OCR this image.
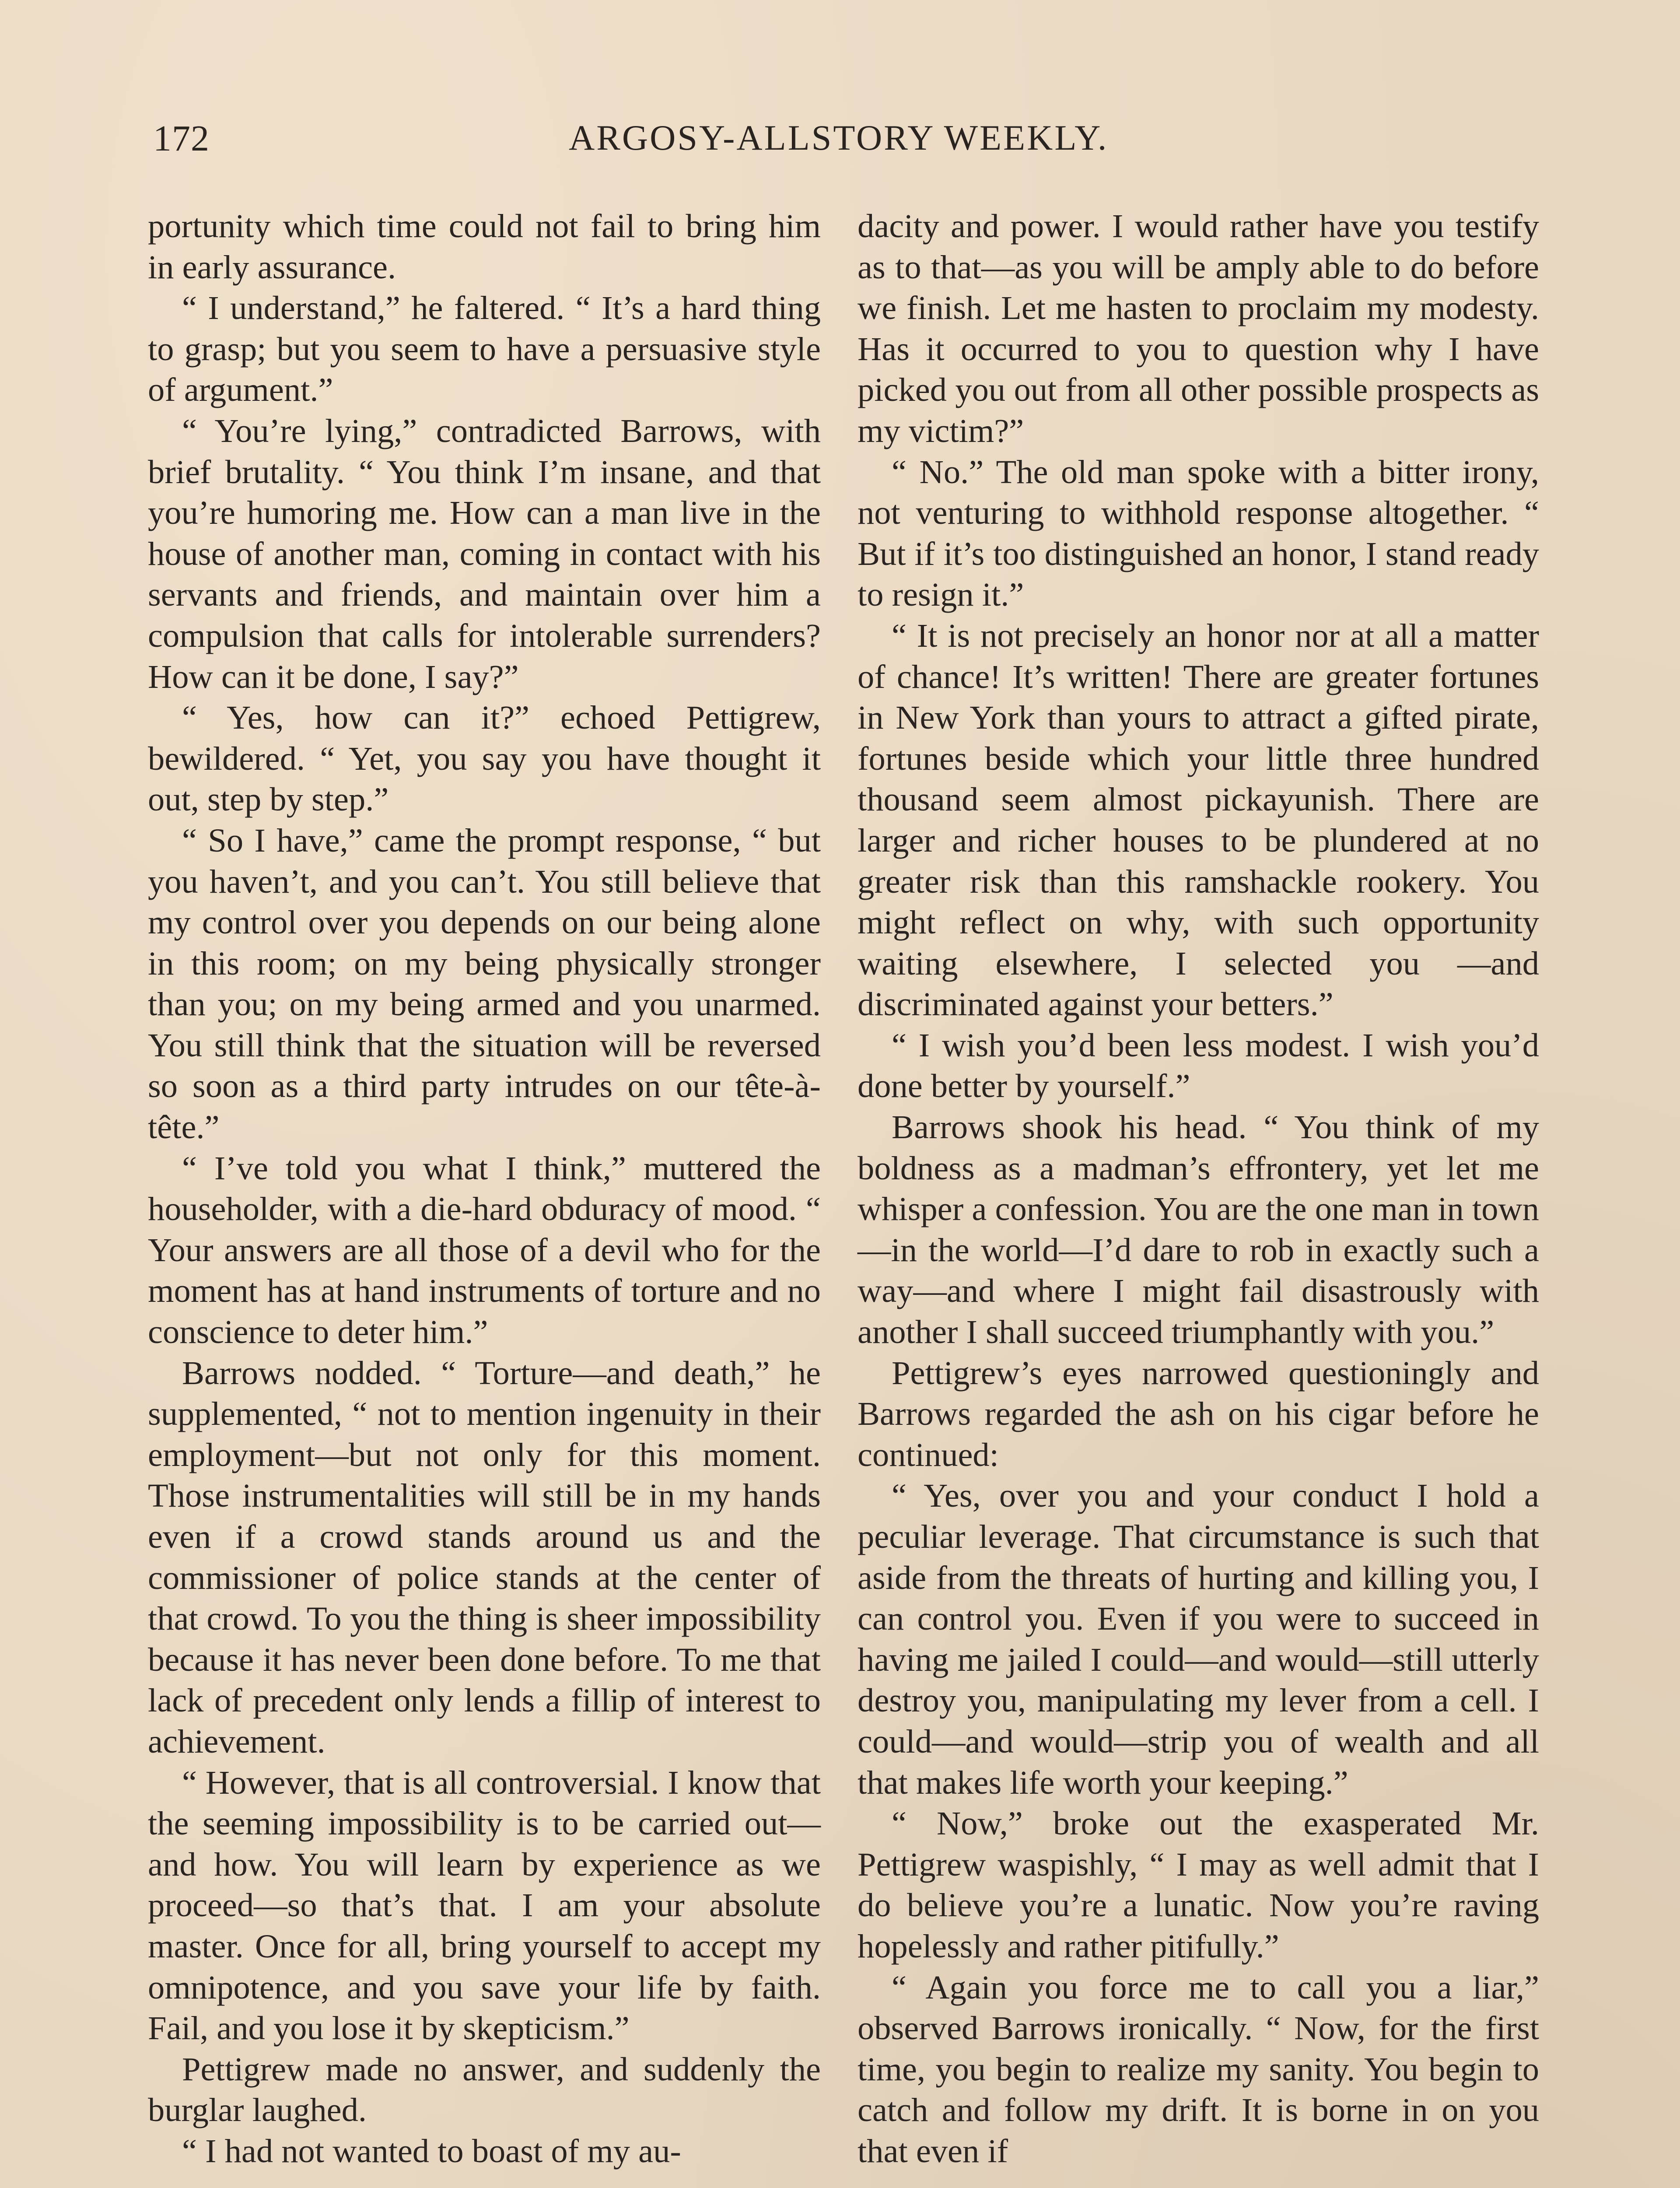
172	ARGOSY-ALLSTORY WEEKLY.

portunity which time could not fail to bring him in early assurance.

“ I understand,” he faltered. “ It’s a hard thing to grasp; but you seem to have a persuasive style of argument.”

“ You’re lying,” contradicted Barrows, with brief brutality. “ You think I’m insane, and that you’re humoring me. How can a man live in the house of another man, coming in contact with his servants and friends, and maintain over him a compulsion that calls for intolerable surrenders? How can it be done, I say?”

“ Yes, how can it?” echoed Pettigrew, bewildered. “ Yet, you say you have thought it out, step by step.”

“ So I have,” came the prompt response, “ but you haven’t, and you can’t. You still believe that my control over you depends on our being alone in this room; on my being physically stronger than you; on my being armed and you unarmed. You still think that the situation will be reversed so soon as a third party intrudes on our tête-à-tête.”

“ I’ve told you what I think,” muttered the householder, with a die-hard obduracy of mood. “ Your answers are all those of a devil who for the moment has at hand instruments of torture and no conscience to deter him.”

Barrows nodded. “ Torture—and death,” he supplemented, “ not to mention ingenuity in their employment—but not only for this moment. Those instrumentalities will still be in my hands even if a crowd stands around us and the commissioner of police stands at the center of that crowd. To you the thing is sheer impossibility because it has never been done before. To me that lack of precedent only lends a fillip of interest to achievement.

“ However, that is all controversial. I know that the seeming impossibility is to be carried out—and how. You will learn by experience as we proceed—so that’s that. I am your absolute master. Once for all, bring yourself to accept my omnipotence, and you save your life by faith. Fail, and you lose it by skepticism.”

Pettigrew made no answer, and suddenly the burglar laughed.

“ I had not wanted to boast of my au-

dacity and power. I would rather have you testify as to that—as you will be amply able to do before we finish. Let me hasten to proclaim my modesty. Has it occurred to you to question why I have picked you out from all other possible prospects as my victim?”

“ No.” The old man spoke with a bitter irony, not venturing to withhold response altogether. “ But if it’s too distinguished an honor, I stand ready to resign it.”

“ It is not precisely an honor nor at all a matter of chance! It’s written! There are greater fortunes in New York than yours to attract a gifted pirate, fortunes beside which your little three hundred thousand seem almost pickayunish. There are larger and richer houses to be plundered at no greater risk than this ramshackle rookery. You might reflect on why, with such opportunity waiting elsewhere, I selected you —and discriminated against your betters.”

“ I wish you’d been less modest. I wish you’d done better by yourself.”

Barrows shook his head. “ You think of my boldness as a madman’s effrontery, yet let me whisper a confession. You are the one man in town—in the world—I’d dare to rob in exactly such a way—and where I might fail disastrously with another I shall succeed triumphantly with you.”

Pettigrew’s eyes narrowed questioningly and Barrows regarded the ash on his cigar before he continued:

“ Yes, over you and your conduct I hold a peculiar leverage. That circumstance is such that aside from the threats of hurting and killing you, I can control you. Even if you were to succeed in having me jailed I could—and would—still utterly destroy you, manipulating my lever from a cell. I could—and would—strip you of wealth and all that makes life worth your keeping.”

“ Now,” broke out the exasperated Mr. Pettigrew waspishly, “ I may as well admit that I do believe you’re a lunatic. Now you’re raving hopelessly and rather pitifully.”

“ Again you force me to call you a liar,” observed Barrows ironically. “ Now, for the first time, you begin to realize my sanity. You begin to catch and follow my drift. It is borne in on you that even if
